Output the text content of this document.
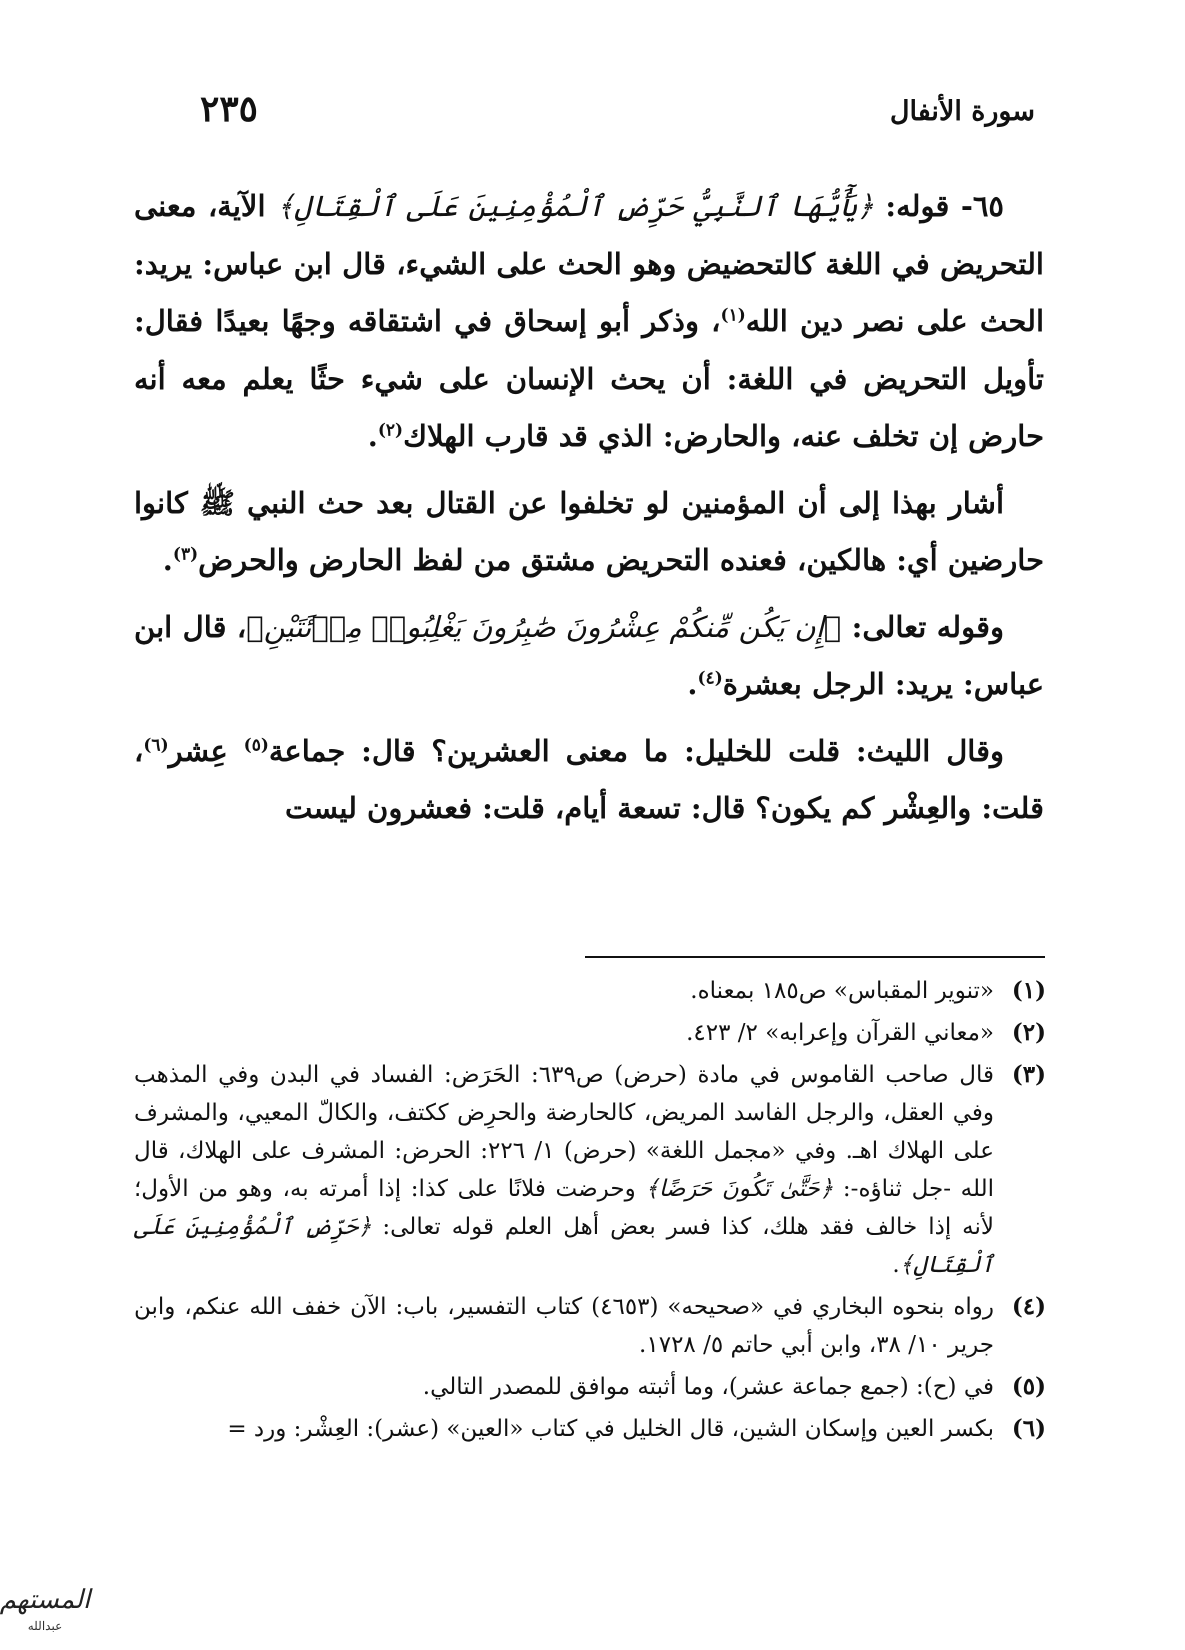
سورة الأنفال
٢٣٥

٦٥- قوله: ﴿يَٰٓأَيُّهَا ٱلنَّبِيُّ حَرِّضِ ٱلْمُؤْمِنِينَ عَلَى ٱلْقِتَالِ﴾ الآية، معنى التحريض في اللغة كالتحضيض وهو الحث على الشيء، قال ابن عباس: يريد: الحث على نصر دين الله$^{(١)}$، وذكر أبو إسحاق في اشتقاقه وجهًا بعيدًا فقال: تأويل التحريض في اللغة: أن يحث الإنسان على شيء حثًا يعلم معه أنه حارض إن تخلف عنه، والحارض: الذي قد قارب الهلاك$^{(٢)}$.

أشار بهذا إلى أن المؤمنين لو تخلفوا عن القتال بعد حث النبي ﷺ كانوا حارضين أي: هالكين، فعنده التحريض مشتق من لفظ الحارض والحرض$^{(٣)}$.

وقوله تعالى: ﴿إِن يَكُن مِّنكُمْ عِشْرُونَ صَٰبِرُونَ يَغْلِبُوا۟ مِا۟ئَتَيْنِ﴾، قال ابن عباس: يريد: الرجل بعشرة$^{(٤)}$.

وقال الليث: قلت للخليل: ما معنى العشرين؟ قال: جماعة$^{(٥)}$ عِشر$^{(٦)}$، قلت: والعِشْر كم يكون؟ قال: تسعة أيام، قلت: فعشرون ليست

(١)
«تنوير المقباس» ص١٨٥ بمعناه.
(٢)
«معاني القرآن وإعرابه» ٢/ ٤٢٣.
(٣)
قال صاحب القاموس في مادة (حرض) ص٦٣٩: الحَرَض: الفساد في البدن وفي المذهب وفي العقل، والرجل الفاسد المريض، كالحارضة والحرِض ككتف، والكالّ المعيي، والمشرف على الهلاك اهـ. وفي «مجمل اللغة» (حرض) ١/ ٢٢٦: الحرض: المشرف على الهلاك، قال الله -جل ثناؤه-: ﴿حَتَّىٰ تَكُونَ حَرَضًا﴾ وحرضت فلانًا على كذا: إذا أمرته به، وهو من الأول؛ لأنه إذا خالف فقد هلك، كذا فسر بعض أهل العلم قوله تعالى: ﴿حَرِّضِ ٱلْمُؤْمِنِينَ عَلَى ٱلْقِتَالِ﴾.
(٤)
رواه بنحوه البخاري في «صحيحه» (٤٦٥٣) كتاب التفسير، باب: الآن خفف الله عنكم، وابن جرير ١٠/ ٣٨، وابن أبي حاتم ٥/ ١٧٢٨.
(٥)
في (ح): (جمع جماعة عشر)، وما أثبته موافق للمصدر التالي.
(٦)
بكسر العين وإسكان الشين، قال الخليل في كتاب «العين» (عشر): العِشْر: ورد =
المستهم
عبدالله
